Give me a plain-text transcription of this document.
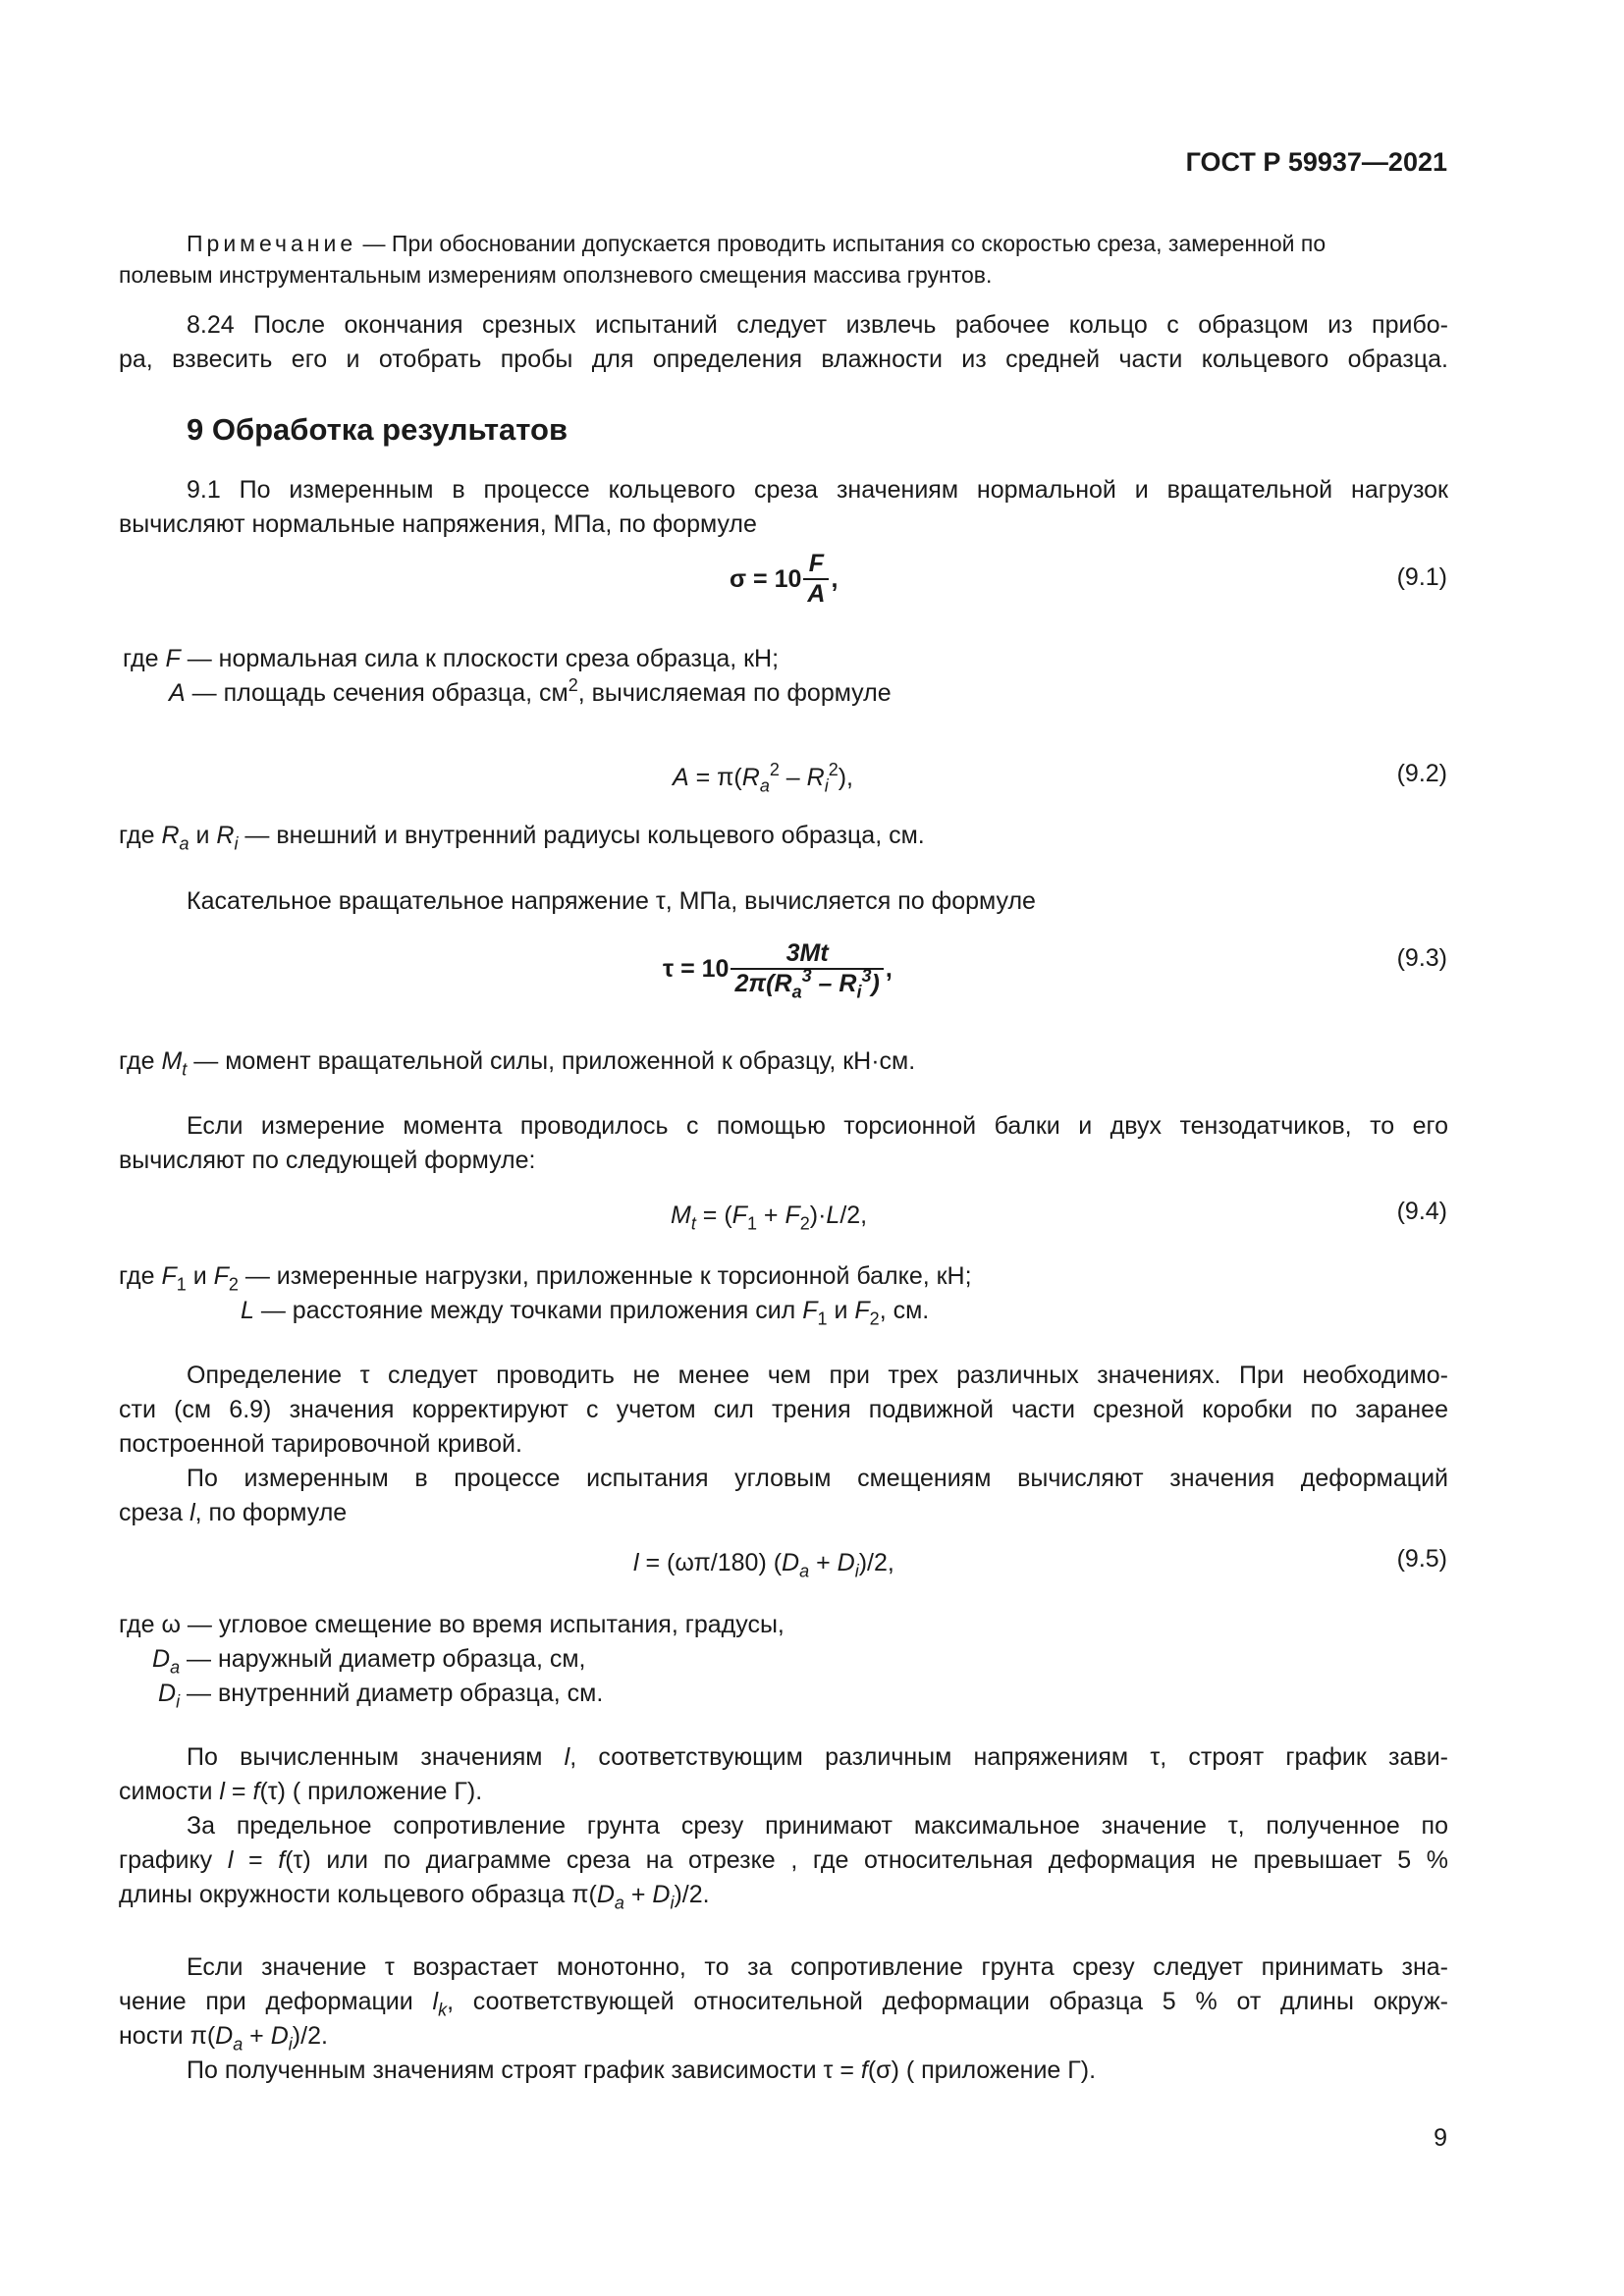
ГОСТ Р 59937—2021
Примечание — При обосновании допускается проводить испытания со скоростью среза, замеренной по
полевым инструментальным измерениям оползневого смещения массива грунтов.
8.24 После окончания срезных испытаний следует извлечь рабочее кольцо с образцом из прибо-
ра, взвесить его и отобрать пробы для определения влажности из средней части кольцевого образца.
9 Обработка результатов
9.1 По измеренным в процессе кольцевого среза значениям нормальной и вращательной нагрузок
вычисляют нормальные напряжения, МПа, по формуле
$\sigma = 10 \frac{F}{A}$ ,	(9.1)
где F — нормальная сила к плоскости среза образца, кН;
A — площадь сечения образца, $см^2$, вычисляемая по формуле
$A = \pi(R_a^2 - R_i^2)$,	(9.2)
где $R_a$ и $R_i$ — внешний и внутренний радиусы кольцевого образца, см.
Касательное вращательное напряжение τ, МПа, вычисляется по формуле
$\tau = 10 \frac{3Mt}{2\pi(R_a^3 - R_i^3)}$ ,	(9.3)
где $M_t$ — момент вращательной силы, приложенной к образцу, кН·см.
Если измерение момента проводилось с помощью торсионной балки и двух тензодатчиков, то его
вычисляют по следующей формуле:
$M_t = (F_1 + F_2)\cdot L/2$,	(9.4)
где $F_1$ и $F_2$ — измеренные нагрузки, приложенные к торсионной балке, кН;
L — расстояние между точками приложения сил $F_1$ и $F_2$, см.
Определение τ следует проводить не менее чем при трех различных значениях. При необходимо-
сти (см 6.9) значения корректируют с учетом сил трения подвижной части срезной коробки по заранее
построенной тарировочной кривой.
По измеренным в процессе испытания угловым смещениям вычисляют значения деформаций
среза l, по формуле
l = (ωπ/180) $(D_a + D_i)/2$,	(9.5)
где ω — угловое смещение во время испытания, градусы,
$D_a$ — наружный диаметр образца, см,
$D_i$ — внутренний диаметр образца, см.
По вычисленным значениям l, соответствующим различным напряжениям τ, строят график зави-
симости l = f(τ) ( приложение Г).
За предельное сопротивление грунта срезу принимают максимальное значение τ, полученное по
графику l = f(τ) или по диаграмме среза на отрезке , где относительная деформация не превышает 5 %
длины окружности кольцевого образца $\pi(D_a + D_i)/2$.
Если значение τ возрастает монотонно, то за сопротивление грунта срезу следует принимать зна-
чение при деформации $l_k$, соответствующей относительной деформации образца 5 % от длины окруж-
ности $\pi(D_a + D_i)/2$.
По полученным значениям строят график зависимости τ = f(σ) ( приложение Г).
9
